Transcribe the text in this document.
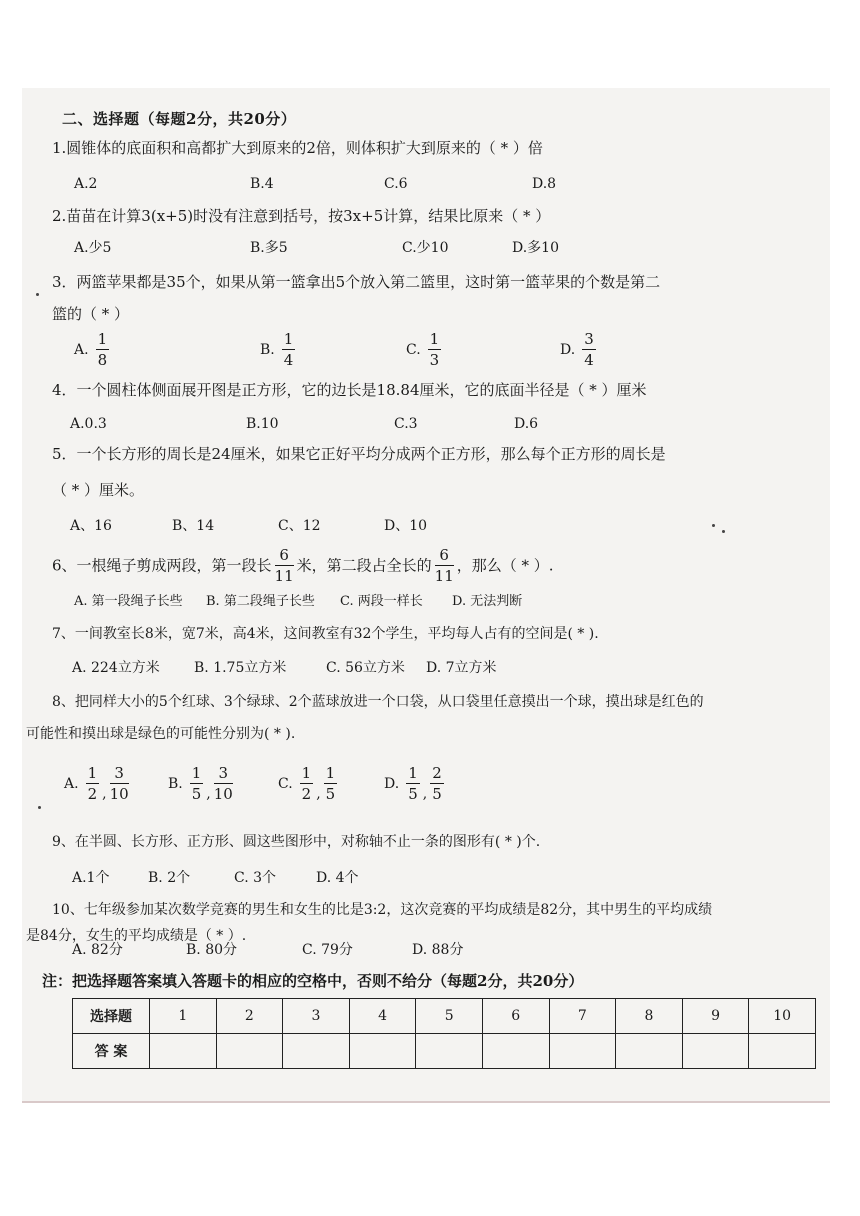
二、选择题（每题2分，共20分）
1.圆锥体的底面积和高都扩大到原来的2倍，则体积扩大到原来的（ * ）倍
A.2	B.4	C.6	D.8
2.苗苗在计算3(x+5)时没有注意到括号，按3x+5计算，结果比原来（ * ）
A.少5	B.多5	C.少10	D.多10
3．两篮苹果都是35个，如果从第一篮拿出5个放入第二篮里，这时第一篮苹果的个数是第二
篮的（ * ）
A. $\frac{1}{8}$	B. $\frac{1}{4}$	C. $\frac{1}{3}$	D. $\frac{3}{4}$
4．一个圆柱体侧面展开图是正方形，它的边长是18.84厘米，它的底面半径是（ * ）厘米
A.0.3	B.10	C.3	D.6
5．一个长方形的周长是24厘米，如果它正好平均分成两个正方形，那么每个正方形的周长是
（ * ）厘米。
A、16	B、14	C、12	D、10
6、一根绳子剪成两段，第一段长 $\frac{6}{11}$ 米，第二段占全长的 $\frac{6}{11}$ ，那么（ * ）.
A. 第一段绳子长些 B. 第二段绳子长些 C. 两段一样长 D. 无法判断
7、一间教室长8米，宽7米，高4米，这间教室有32个学生，平均每人占有的空间是( * ).
A. 224立方米 B. 1.75立方米	C. 56立方米 D. 7立方米
8、把同样大小的5个红球、3个绿球、2个蓝球放进一个口袋，从口袋里任意摸出一个球，摸出球是红色的
可能性和摸出球是绿色的可能性分别为( * ).
A. $\frac{1}{2}$ , $\frac{3}{10}$	B. $\frac{1}{5}$ , $\frac{3}{10}$	C. $\frac{1}{2}$ , $\frac{1}{5}$	D. $\frac{1}{5}$ , $\frac{2}{5}$
9、在半圆、长方形、正方形、圆这些图形中，对称轴不止一条的图形有( * )个.
A.1个	B. 2个	C. 3个	D. 4个
10、七年级参加某次数学竞赛的男生和女生的比是3:2，这次竞赛的平均成绩是82分，其中男生的平均成绩
是84分，女生的平均成绩是（ * ）.
A. 82分	B. 80分	C. 79分	D. 88分
注：把选择题答案填入答题卡的相应的空格中，否则不给分（每题2分，共20分）
选择题	1	2	3	4	5	6	7	8	9	10
答 案										
